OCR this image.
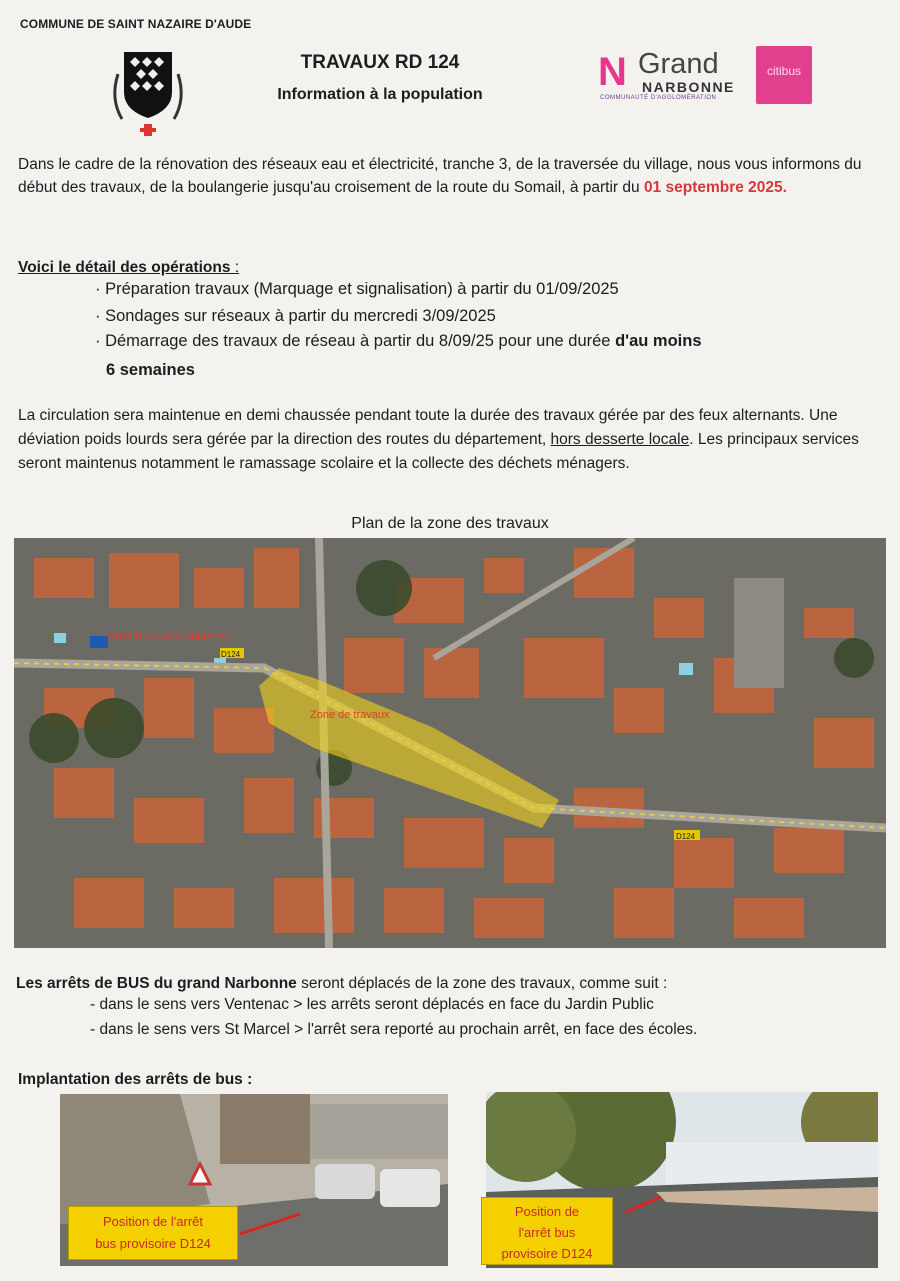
COMMUNE DE SAINT NAZAIRE D'AUDE
TRAVAUX RD 124
Information à la population
N Grand
NARBONNE
COMMUNAUTÉ D'AGGLOMÉRATION
citibus

Dans le cadre de la rénovation des réseaux eau et électricité, tranche 3, de la traversée du village, nous vous informons du début des travaux, de la boulangerie jusqu'au croisement de la route du Somail, à partir du 01 septembre 2025.

Voici le détail des opérations :

· Préparation travaux (Marquage et signalisation) à partir du 01/09/2025
· Sondages sur réseaux à partir du mercredi 3/09/2025
· Démarrage des travaux de réseau à partir du 8/09/25 pour une durée d'au moins
6 semaines

La circulation sera maintenue en demi chaussée pendant toute la durée des travaux gérée par des feux alternants. Une déviation poids lourds sera gérée par la direction des routes du département, hors desserte locale. Les principaux services seront maintenus notamment le ramassage scolaire et la collecte des déchets ménagers.

Plan de la zone des travaux
Arret BUS vers Ventenac
Zone de travaux
D124
D124

Les arrêts de BUS du grand Narbonne seront déplacés de la zone des travaux, comme suit :

- dans le sens vers Ventenac > les arrêts seront déplacés en face du Jardin Public
- dans le sens vers St Marcel > l'arrêt sera reporté au prochain arrêt, en face des écoles.
Implantation des arrêts de bus :
Position de l'arrêt
bus provisoire D124
Position de
l'arrêt bus
provisoire D124
